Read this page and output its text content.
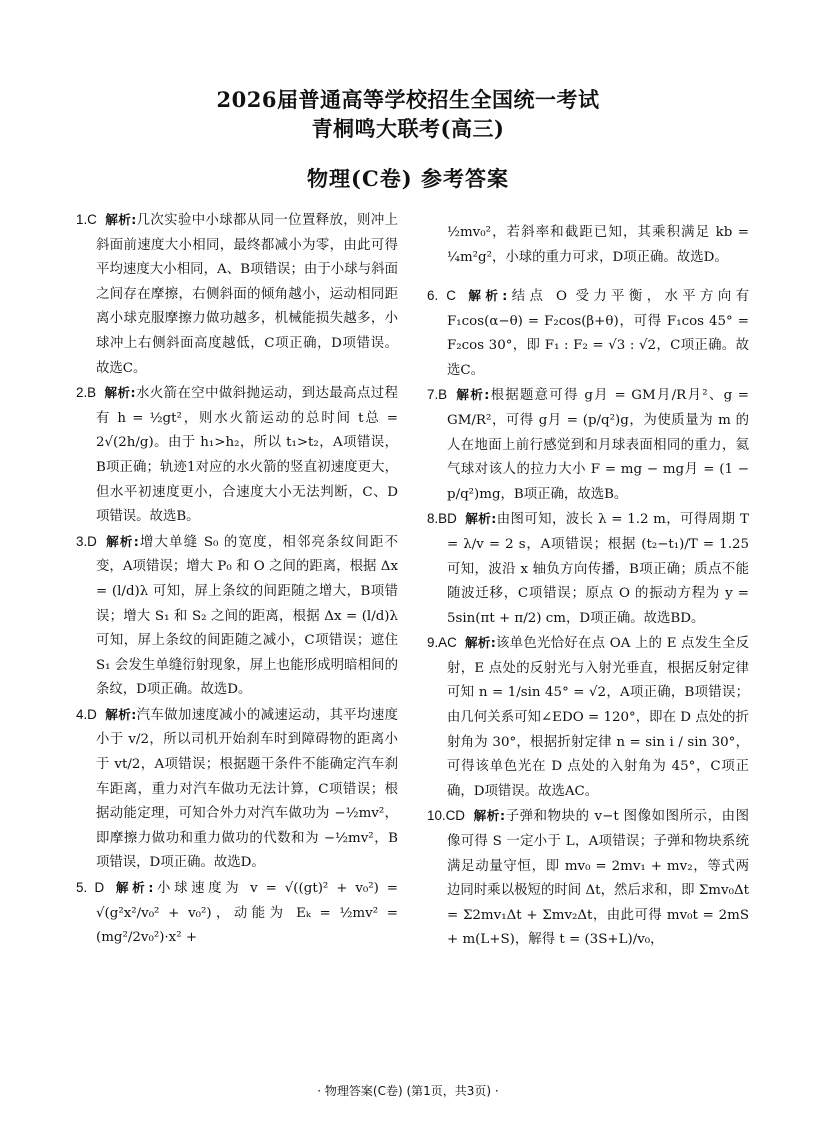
2026届普通高等学校招生全国统一考试
青桐鸣大联考(高三)
物理(C卷) 参考答案

1.C 解析:几次实验中小球都从同一位置释放，则冲上斜面前速度大小相同，最终都减小为零，由此可得平均速度大小相同，A、B项错误；由于小球与斜面之间存在摩擦，右侧斜面的倾角越小，运动相同距离小球克服摩擦力做功越多，机械能损失越多，小球冲上右侧斜面高度越低，C项正确，D项错误。故选C。

2.B 解析:水火箭在空中做斜抛运动，到达最高点过程有 h = ½gt²，则水火箭运动的总时间 t总 = 2√(2h/g)。由于 h₁>h₂，所以 t₁>t₂，A项错误，B项正确；轨迹1对应的水火箭的竖直初速度更大，但水平初速度更小，合速度大小无法判断，C、D项错误。故选B。

3.D 解析:增大单缝 S₀ 的宽度，相邻亮条纹间距不变，A项错误；增大 P₀ 和 O 之间的距离，根据 Δx = (l/d)λ 可知，屏上条纹的间距随之增大，B项错误；增大 S₁ 和 S₂ 之间的距离，根据 Δx = (l/d)λ 可知，屏上条纹的间距随之减小，C项错误；遮住 S₁ 会发生单缝衍射现象，屏上也能形成明暗相间的条纹，D项正确。故选D。

4.D 解析:汽车做加速度减小的减速运动，其平均速度小于 v/2，所以司机开始刹车时到障碍物的距离小于 vt/2，A项错误；根据题干条件不能确定汽车刹车距离，重力对汽车做功无法计算，C项错误；根据动能定理，可知合外力对汽车做功为 −½mv²，即摩擦力做功和重力做功的代数和为 −½mv²，B项错误，D项正确。故选D。

5. D 解析:小球速度为 v = √((gt)² + v₀²) = √(g²x²/v₀² + v₀²)，动能为 Eₖ = ½mv² = (mg²/2v₀²)·x² +

½mv₀²，若斜率和截距已知，其乘积满足 kb = ¼m²g²，小球的重力可求，D项正确。故选D。

6. C 解析:结点 O 受力平衡，水平方向有 F₁cos(α−θ) = F₂cos(β+θ)，可得 F₁cos 45° = F₂cos 30°，即 F₁ : F₂ = √3 : √2，C项正确。故选C。

7.B 解析:根据题意可得 g月 = GM月/R月²、g = GM/R²，可得 g月 = (p/q²)g，为使质量为 m 的人在地面上前行感觉到和月球表面相同的重力，氦气球对该人的拉力大小 F = mg − mg月 = (1 − p/q²)mg，B项正确，故选B。

8.BD 解析:由图可知，波长 λ = 1.2 m，可得周期 T = λ/v = 2 s，A项错误；根据 (t₂−t₁)/T = 1.25 可知，波沿 x 轴负方向传播，B项正确；质点不能随波迁移，C项错误；原点 O 的振动方程为 y = 5sin(πt + π/2) cm，D项正确。故选BD。

9.AC 解析:该单色光恰好在点 OA 上的 E 点发生全反射，E 点处的反射光与入射光垂直，根据反射定律可知 n = 1/sin 45° = √2，A项正确，B项错误；由几何关系可知∠EDO = 120°，即在 D 点处的折射角为 30°，根据折射定律 n = sin i / sin 30°，可得该单色光在 D 点处的入射角为 45°，C项正确，D项错误。故选AC。

10.CD 解析:子弹和物块的 v−t 图像如图所示，由图像可得 S 一定小于 L，A项错误；子弹和物块系统满足动量守恒，即 mv₀ = 2mv₁ + mv₂，等式两边同时乘以极短的时间 Δt，然后求和，即 Σmv₀Δt = Σ2mv₁Δt + Σmv₂Δt，由此可得 mv₀t = 2mS + m(L+S)，解得 t = (3S+L)/v₀，

· 物理答案(C卷) (第1页，共3页) ·
